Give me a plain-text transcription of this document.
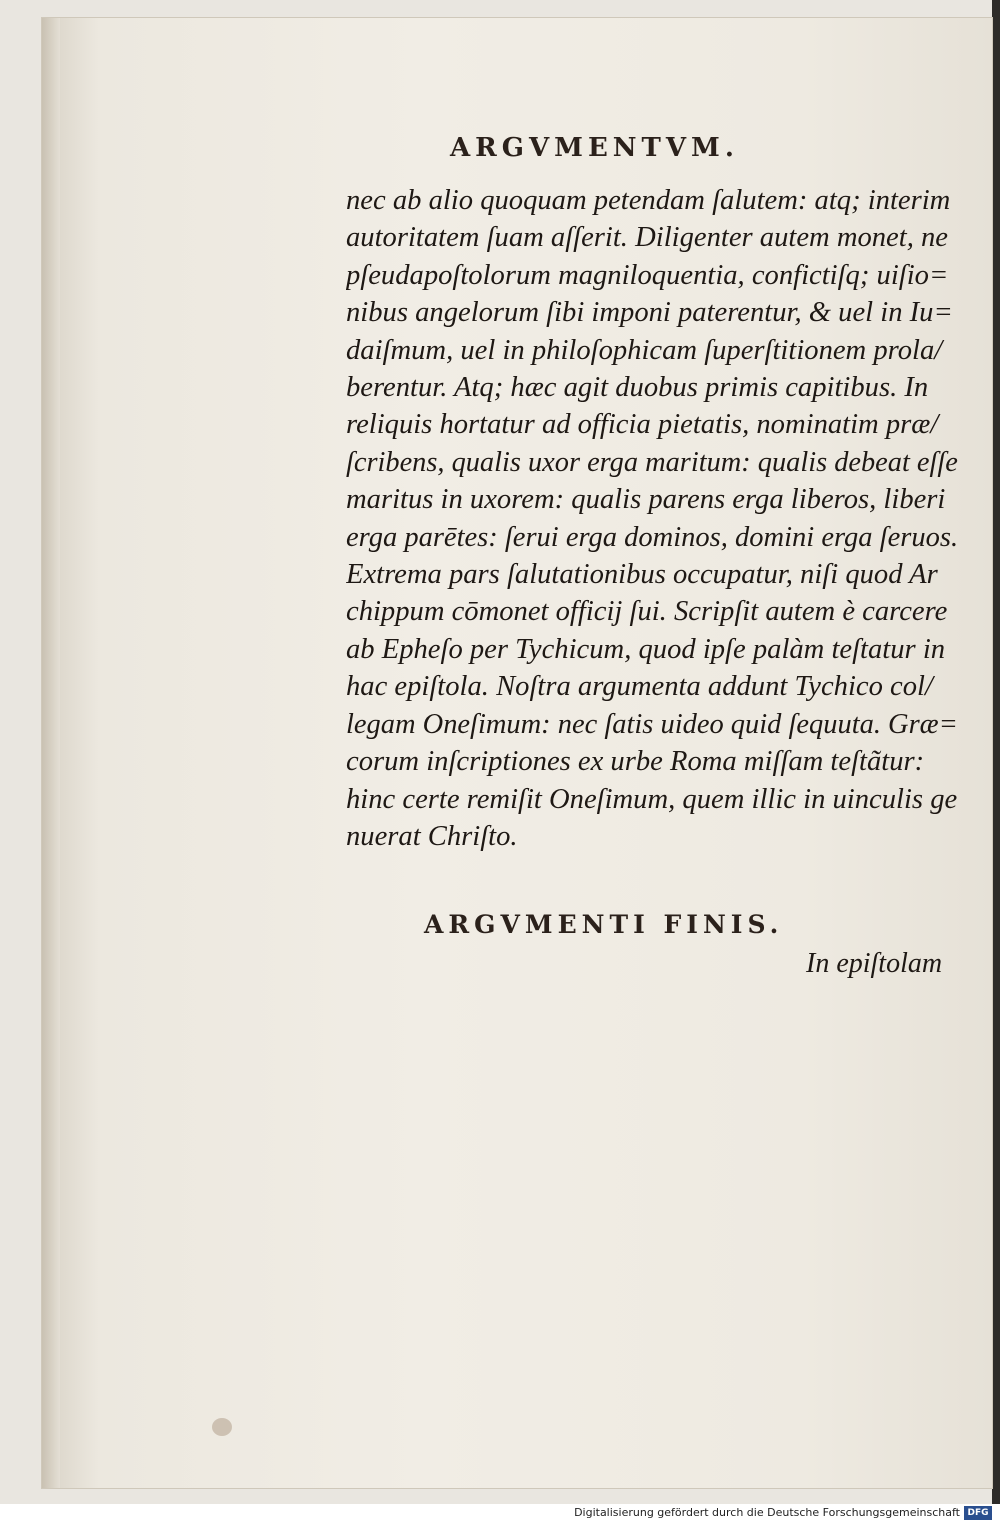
ARGVMENTVM.
nec ab alio quoquam petendam ſalutem: atq; interim
autoritatem ſuam aſſerit. Diligenter autem monet, ne
pſeudapoſtolorum magniloquentia, confictiſq; uiſio=
nibus angelorum ſibi imponi paterentur, & uel in Iu=
daiſmum, uel in philoſophicam ſuperſtitionem prola/
berentur. Atq; hæc agit duobus primis capitibus. In
reliquis hortatur ad officia pietatis, nominatim præ/
ſcribens, qualis uxor erga maritum: qualis debeat eſſe
maritus in uxorem: qualis parens erga liberos, liberi
erga parētes: ſerui erga dominos, domini erga ſeruos.
Extrema pars ſalutationibus occupatur, niſi quod Ar
chippum cōmonet officij ſui. Scripſit autem è carcere
ab Epheſo per Tychicum, quod ipſe palàm teſtatur in
hac epiſtola. Noſtra argumenta addunt Tychico col/
legam Oneſimum: nec ſatis uideo quid ſequuta. Græ=
corum inſcriptiones ex urbe Roma miſſam teſtãtur:
hinc certe remiſit Oneſimum, quem illic in uinculis ge
nuerat Chriſto.
ARGVMENTI FINIS.
In epiſtolam
Digitalisierung gefördert durch die Deutsche Forschungsgemeinschaft DFG
